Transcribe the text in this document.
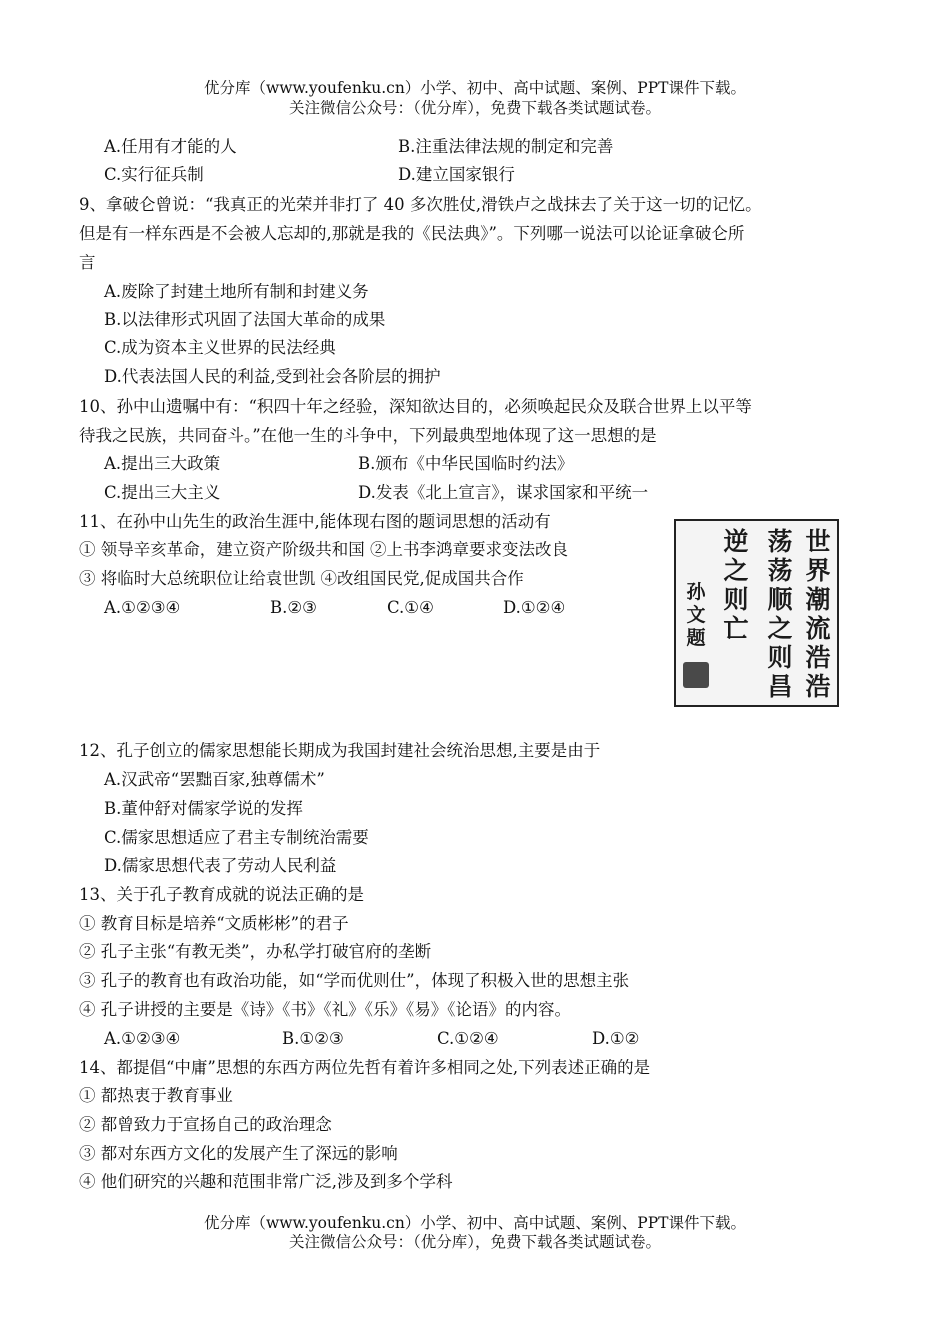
优分库（www.youfenku.cn）小学、初中、高中试题、案例、PPT课件下载。
关注微信公众号：（优分库），免费下载各类试题试卷。
A.任用有才能的人	B.注重法律法规的制定和完善
C.实行征兵制	D.建立国家银行
9、拿破仑曾说：“我真正的光荣并非打了 40 多次胜仗,滑铁卢之战抹去了关于这一切的记忆。
但是有一样东西是不会被人忘却的,那就是我的《民法典》”。下列哪一说法可以论证拿破仑所
言
A.废除了封建土地所有制和封建义务
B.以法律形式巩固了法国大革命的成果
C.成为资本主义世界的民法经典
D.代表法国人民的利益,受到社会各阶层的拥护
10、孙中山遗嘱中有：“积四十年之经验，深知欲达目的，必须唤起民众及联合世界上以平等
待我之民族，共同奋斗。”在他一生的斗争中，下列最典型地体现了这一思想的是
A.提出三大政策	B.颁布《中华民国临时约法》
C.提出三大主义	D.发表《北上宣言》，谋求国家和平统一
11、在孙中山先生的政治生涯中,能体现右图的题词思想的活动有
① 领导辛亥革命，建立资产阶级共和国 ②上书李鸿章要求变法改良
③ 将临时大总统职位让给袁世凯 ④改组国民党,促成国共合作
A.①②③④	B.②③	C.①④	D.①②④
世界潮流浩浩
荡荡顺之则昌
逆之则亡
孙文题
12、孔子创立的儒家思想能长期成为我国封建社会统治思想,主要是由于
A.汉武帝“罢黜百家,独尊儒术”
B.董仲舒对儒家学说的发挥
C.儒家思想适应了君主专制统治需要
D.儒家思想代表了劳动人民利益
13、关于孔子教育成就的说法正确的是
① 教育目标是培养“文质彬彬”的君子
② 孔子主张“有教无类”，办私学打破官府的垄断
③ 孔子的教育也有政治功能，如“学而优则仕”，体现了积极入世的思想主张
④ 孔子讲授的主要是《诗》《书》《礼》《乐》《易》《论语》的内容。
A.①②③④	B.①②③	C.①②④	D.①②
14、都提倡“中庸”思想的东西方两位先哲有着许多相同之处,下列表述正确的是
① 都热衷于教育事业
② 都曾致力于宣扬自己的政治理念
③ 都对东西方文化的发展产生了深远的影响
④ 他们研究的兴趣和范围非常广泛,涉及到多个学科
优分库（www.youfenku.cn）小学、初中、高中试题、案例、PPT课件下载。
关注微信公众号：（优分库），免费下载各类试题试卷。
